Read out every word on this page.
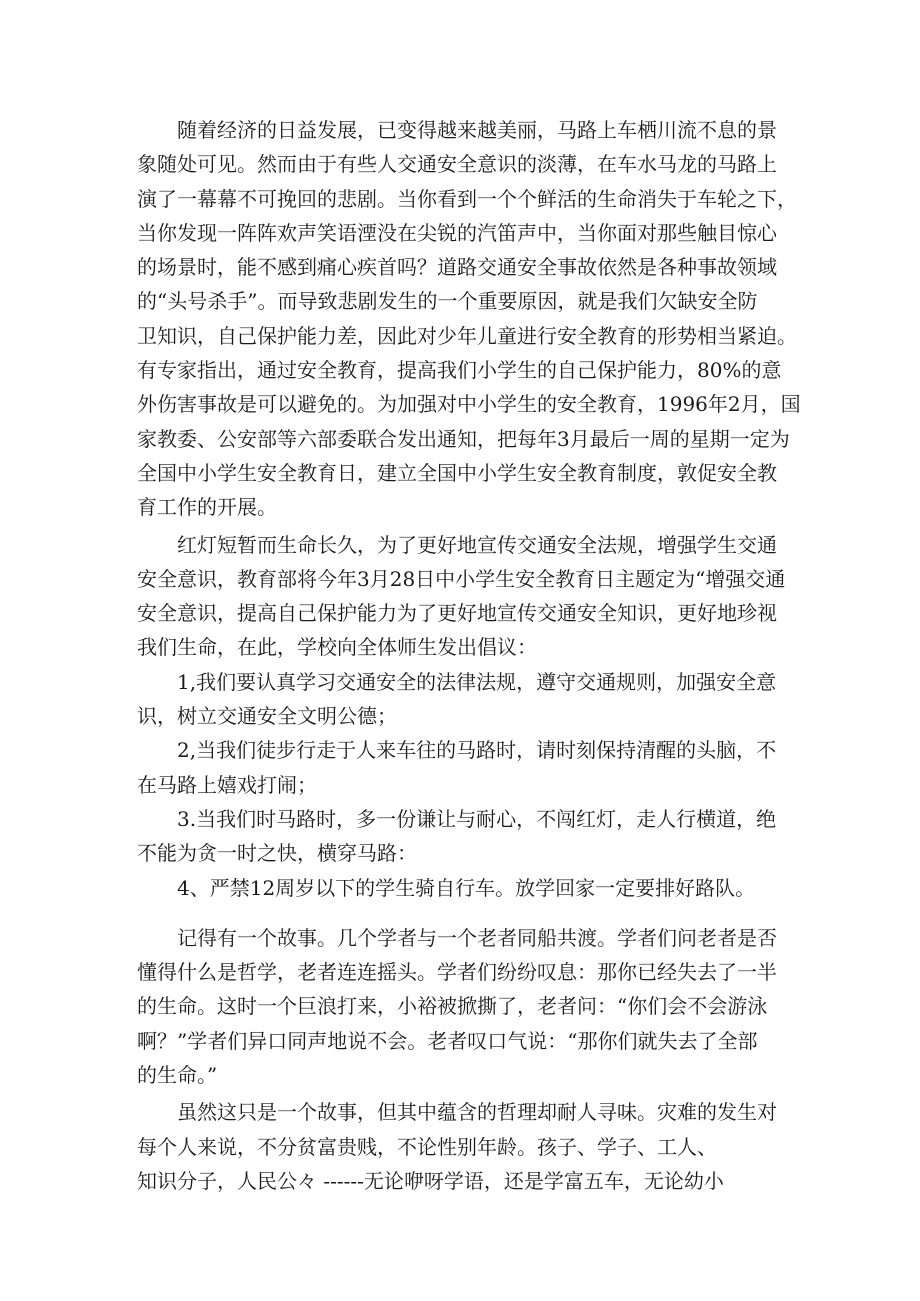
　　随着经济的日益发展，已变得越来越美丽，马路上车栖川流不息的景
象随处可见。然而由于有些人交通安全意识的淡薄，在车水马龙的马路上
演了一幕幕不可挽回的悲剧。当你看到一个个鲜活的生命消失于车轮之下，
当你发现一阵阵欢声笑语湮没在尖锐的汽笛声中，当你面对那些触目惊心
的场景时，能不感到痛心疾首吗？道路交通安全事故依然是各种事故领域
的“头号杀手”。而导致悲剧发生的一个重要原因，就是我们欠缺安全防
卫知识，自己保护能力差，因此对少年儿童进行安全教育的形势相当紧迫。
有专家指出，通过安全教育，提高我们小学生的自己保护能力，80%的意
外伤害事故是可以避免的。为加强对中小学生的安全教育，1996年2月，国
家教委、公安部等六部委联合发出通知，把每年3月最后一周的星期一定为
全国中小学生安全教育日，建立全国中小学生安全教育制度，敦促安全教
育工作的开展。
　　红灯短暂而生命长久，为了更好地宣传交通安全法规，增强学生交通
安全意识，教育部将今年3月28日中小学生安全教育日主题定为“增强交通
安全意识，提高自己保护能力为了更好地宣传交通安全知识，更好地珍视
我们生命，在此，学校向全体师生发出倡议：
　　1,我们要认真学习交通安全的法律法规，遵守交通规则，加强安全意
识，树立交通安全文明公德；
　　2,当我们徒步行走于人来车往的马路时，请时刻保持清醒的头脑，不
在马路上嬉戏打闹；
　　3.当我们时马路时，多一份谦让与耐心，不闯红灯，走人行横道，绝
不能为贪一时之快，横穿马路：
　　4、严禁12周岁以下的学生骑自行车。放学回家一定要排好路队。
　　记得有一个故事。几个学者与一个老者同船共渡。学者们问老者是否
懂得什么是哲学，老者连连摇头。学者们纷纷叹息：那你已经失去了一半
的生命。这时一个巨浪打来，小裕被掀撕了，老者问：“你们会不会游泳
啊？”学者们异口同声地说不会。老者叹口气说：“那你们就失去了全部
的生命。”
　　虽然这只是一个故事，但其中蕴含的哲理却耐人寻味。灾难的发生对
每个人来说，不分贫富贵贱，不论性别年龄。孩子、学子、工人、
知识分子，人民公々 ------无论咿呀学语，还是学富五车，无论幼小
